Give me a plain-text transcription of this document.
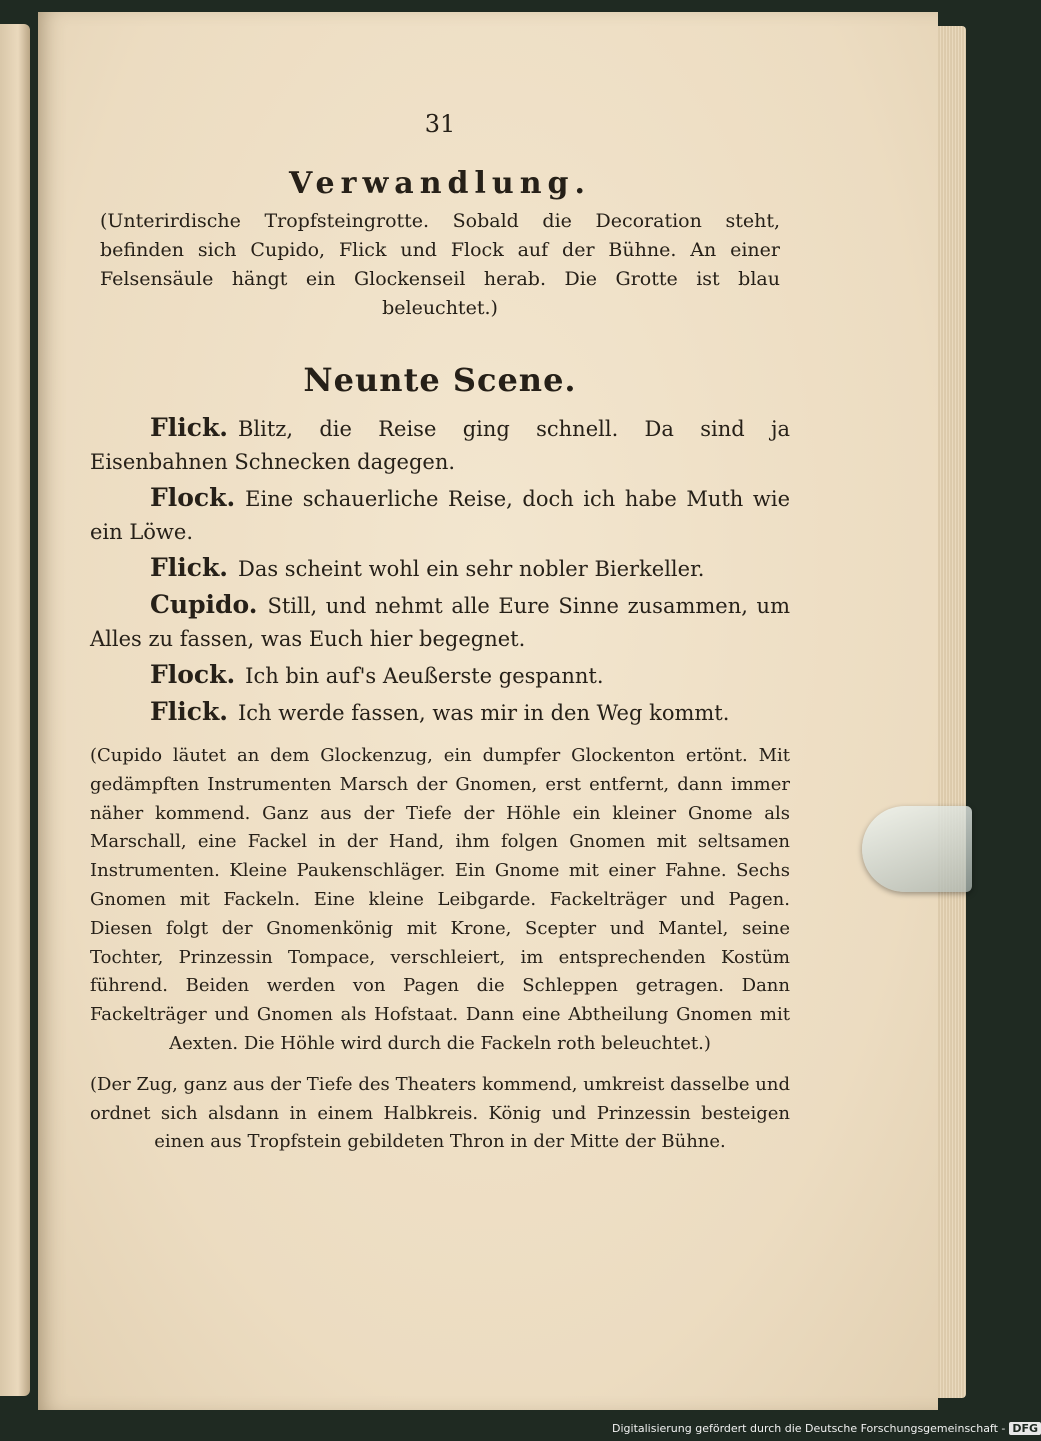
31
Verwandlung.
(Unterirdische Tropfsteingrotte. Sobald die Decoration steht, befinden sich Cupido, Flick und Flock auf der Bühne. An einer Felsensäule hängt ein Glockenseil herab. Die Grotte ist blau beleuchtet.)
Neunte Scene.

Flick. Blitz, die Reise ging schnell. Da sind ja Eisenbahnen Schnecken dagegen.

Flock. Eine schauerliche Reise, doch ich habe Muth wie ein Löwe.

Flick. Das scheint wohl ein sehr nobler Bierkeller.

Cupido. Still, und nehmt alle Eure Sinne zusammen, um Alles zu fassen, was Euch hier begegnet.

Flock. Ich bin auf's Aeußerste gespannt.

Flick. Ich werde fassen, was mir in den Weg kommt.

(Cupido läutet an dem Glockenzug, ein dumpfer Glockenton ertönt. Mit gedämpften Instrumenten Marsch der Gnomen, erst entfernt, dann immer näher kommend. Ganz aus der Tiefe der Höhle ein kleiner Gnome als Marschall, eine Fackel in der Hand, ihm folgen Gnomen mit seltsamen Instrumenten. Kleine Paukenschläger. Ein Gnome mit einer Fahne. Sechs Gnomen mit Fackeln. Eine kleine Leibgarde. Fackelträger und Pagen. Diesen folgt der Gnomenkönig mit Krone, Scepter und Mantel, seine Tochter, Prinzessin Tompace, verschleiert, im entsprechenden Kostüm führend. Beiden werden von Pagen die Schleppen getragen. Dann Fackelträger und Gnomen als Hofstaat. Dann eine Abtheilung Gnomen mit Aexten. Die Höhle wird durch die Fackeln roth beleuchtet.)

(Der Zug, ganz aus der Tiefe des Theaters kommend, umkreist dasselbe und ordnet sich alsdann in einem Halbkreis. König und Prinzessin besteigen einen aus Tropfstein gebildeten Thron in der Mitte der Bühne.

Digitalisierung gefördert durch die Deutsche Forschungsgemeinschaft - DFG
